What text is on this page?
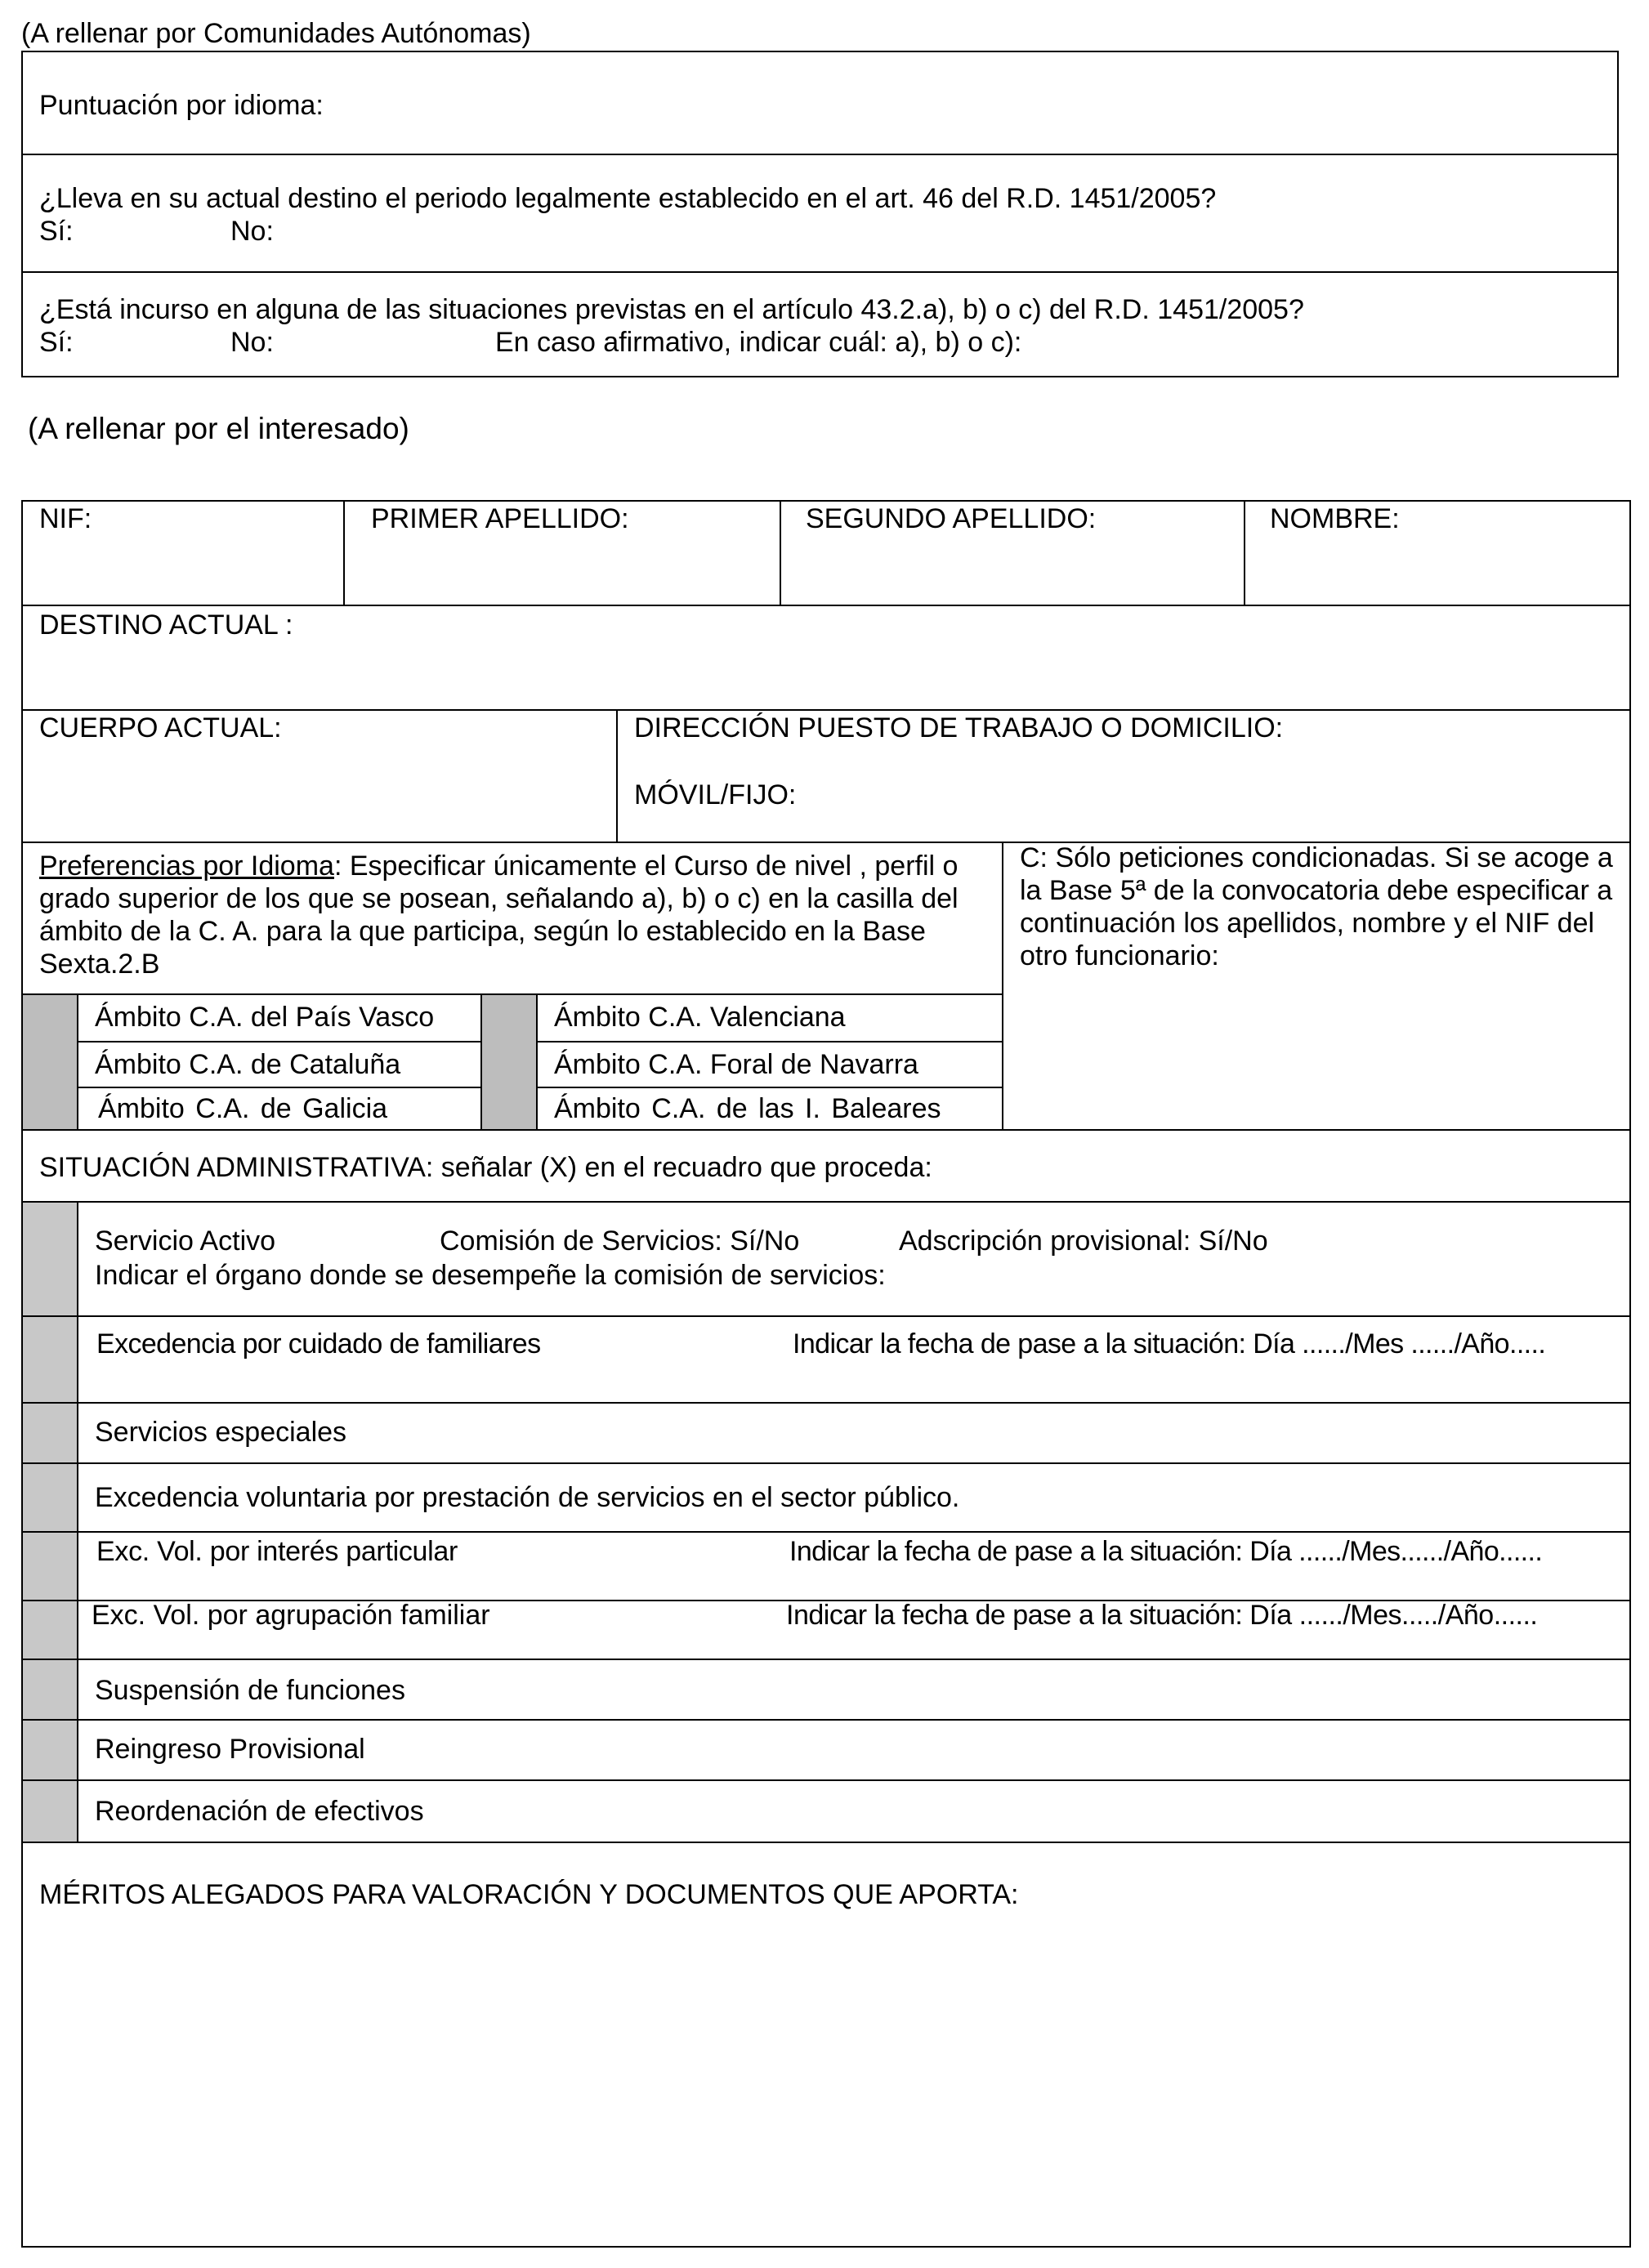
(A rellenar por Comunidades Autónomas)
Puntuación por idioma:
¿Lleva en su actual destino el periodo legalmente establecido en el art. 46 del R.D. 1451/2005?
Sí:	No:
¿Está incurso en alguna de las situaciones previstas en el artículo 43.2.a), b) o c) del R.D. 1451/2005?
Sí:	No:	En caso afirmativo, indicar cuál: a), b) o c):
(A rellenar por el interesado)
NIF:	PRIMER APELLIDO:	SEGUNDO APELLIDO:	NOMBRE:
DESTINO ACTUAL :
CUERPO ACTUAL:	DIRECCIÓN PUESTO DE TRABAJO O DOMICILIO:
MÓVIL/FIJO:
Preferencias por Idioma: Especificar únicamente el Curso de nivel , perfil o grado superior de los que se posean, señalando a), b) o c) en la casilla del ámbito de la C. A. para la que participa, según lo establecido en la Base Sexta.2.B
C: Sólo peticiones condicionadas. Si se acoge a la Base 5ª de la convocatoria debe especificar a continuación los apellidos, nombre y el NIF del otro funcionario:
Ámbito C.A. del País Vasco	Ámbito C.A. Valenciana
Ámbito C.A. de Cataluña	Ámbito C.A. Foral de Navarra
Ámbito C.A. de Galicia	Ámbito C.A. de las I. Baleares
SITUACIÓN ADMINISTRATIVA: señalar (X) en el recuadro que proceda:
Servicio Activo	Comisión de Servicios: Sí/No	Adscripción provisional: Sí/No
Indicar el órgano donde se desempeñe la comisión de servicios:
Excedencia por cuidado de familiares	Indicar la fecha de pase a la situación: Día ....../Mes ....../Año.....
Servicios especiales
Excedencia voluntaria por prestación de servicios en el sector público.
Exc. Vol. por interés particular	Indicar la fecha de pase a la situación: Día ....../Mes....../Año......
Exc. Vol. por agrupación familiar	Indicar la fecha de pase a la situación: Día ....../Mes...../Año......
Suspensión de funciones
Reingreso Provisional
Reordenación de efectivos
MÉRITOS ALEGADOS PARA VALORACIÓN Y DOCUMENTOS QUE APORTA:
